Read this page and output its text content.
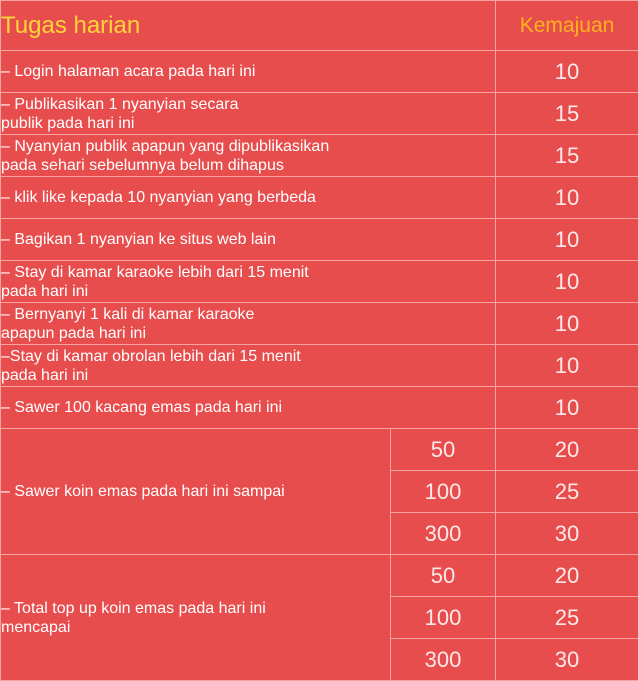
Tugas harian		Kemajuan
– Login halaman acara pada hari ini		10
– Publikasikan 1 nyanyian secara
publik pada hari ini		15
– Nyanyian publik apapun yang dipublikasikan
pada sehari sebelumnya belum dihapus		15
– klik like kepada 10 nyanyian yang berbeda		10
– Bagikan 1 nyanyian ke situs web lain		10
– Stay di kamar karaoke lebih dari 15 menit
pada hari ini		10
– Bernyanyi 1 kali di kamar karaoke
apapun pada hari ini		10
–Stay di kamar obrolan lebih dari 15 menit
pada hari ini		10
– Sawer 100 kacang emas pada hari ini		10
– Sawer koin emas pada hari ini sampai	50	20
	100	25
	300	30
– Total top up koin emas pada hari ini
mencapai	50	20
	100	25
	300	30
